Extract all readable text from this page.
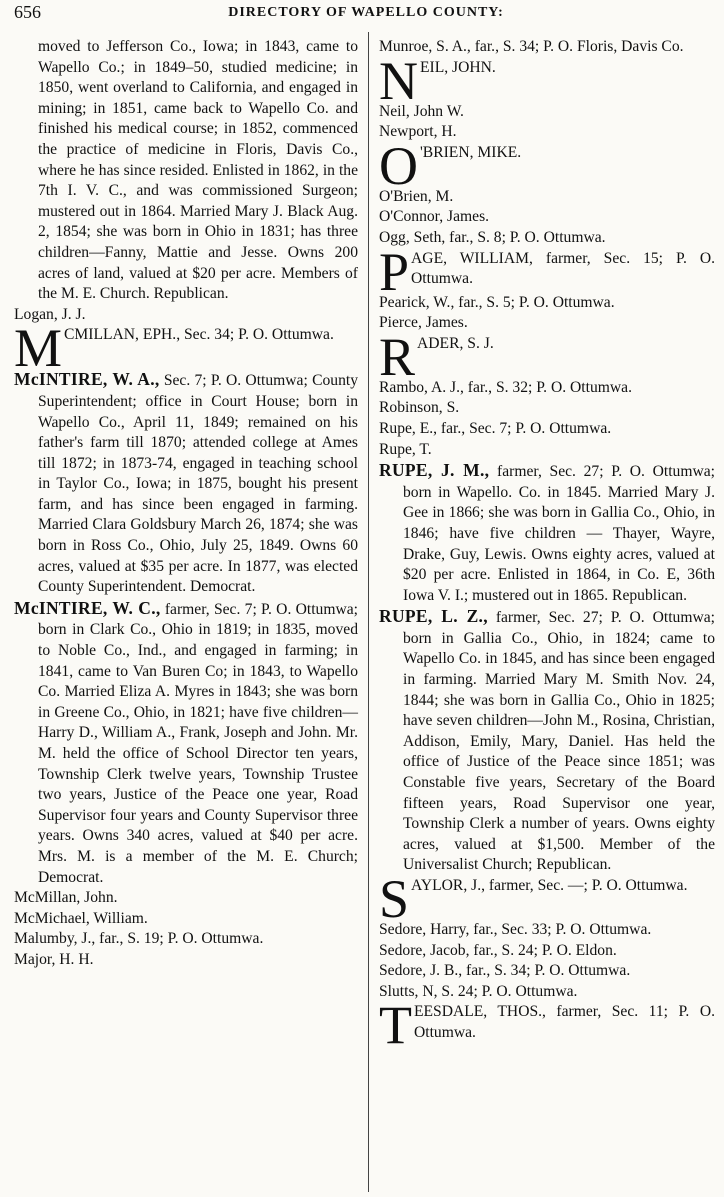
656	DIRECTORY OF WAPELLO COUNTY:

moved to Jefferson Co., Iowa; in 1843, came to Wapello Co.; in 1849–50, studied medicine; in 1850, went overland to California, and engaged in mining; in 1851, came back to Wapello Co. and finished his medical course; in 1852, commenced the practice of medicine in Floris, Davis Co., where he has since resided. Enlisted in 1862, in the 7th I. V. C., and was commissioned Surgeon; mustered out in 1864. Married Mary J. Black Aug. 2, 1854; she was born in Ohio in 1831; has three children—Fanny, Mattie and Jesse. Owns 200 acres of land, valued at $20 per acre. Members of the M. E. Church. Republican.

Logan, J. J.

M CMILLAN, EPH., Sec. 34; P. O. Ottumwa.

McINTIRE, W. A., Sec. 7; P. O. Ottumwa; County Superintendent; office in Court House; born in Wapello Co., April 11, 1849; remained on his father's farm till 1870; attended college at Ames till 1872; in 1873-74, engaged in teaching school in Taylor Co., Iowa; in 1875, bought his present farm, and has since been engaged in farming. Married Clara Goldsbury March 26, 1874; she was born in Ross Co., Ohio, July 25, 1849. Owns 60 acres, valued at $35 per acre. In 1877, was elected County Superintendent. Democrat.

McINTIRE, W. C., farmer, Sec. 7; P. O. Ottumwa; born in Clark Co., Ohio in 1819; in 1835, moved to Noble Co., Ind., and engaged in farming; in 1841, came to Van Buren Co; in 1843, to Wapello Co. Married Eliza A. Myres in 1843; she was born in Greene Co., Ohio, in 1821; have five children—Harry D., William A., Frank, Joseph and John. Mr. M. held the office of School Director ten years, Township Clerk twelve years, Township Trustee two years, Justice of the Peace one year, Road Supervisor four years and County Supervisor three years. Owns 340 acres, valued at $40 per acre. Mrs. M. is a member of the M. E. Church; Democrat.

McMillan, John.

McMichael, William.

Malumby, J., far., S. 19; P. O. Ottumwa.

Major, H. H.

Munroe, S. A., far., S. 34; P. O. Floris, Davis Co.

N EIL, JOHN.

Neil, John W.

Newport, H.

O 'BRIEN, MIKE.

O'Brien, M.

O'Connor, James.

Ogg, Seth, far., S. 8; P. O. Ottumwa.

P AGE, WILLIAM, farmer, Sec. 15; P. O. Ottumwa.

Pearick, W., far., S. 5; P. O. Ottumwa.

Pierce, James.

R ADER, S. J.

Rambo, A. J., far., S. 32; P. O. Ottumwa.

Robinson, S.

Rupe, E., far., Sec. 7; P. O. Ottumwa.

Rupe, T.

RUPE, J. M., farmer, Sec. 27; P. O. Ottumwa; born in Wapello. Co. in 1845. Married Mary J. Gee in 1866; she was born in Gallia Co., Ohio, in 1846; have five children — Thayer, Wayre, Drake, Guy, Lewis. Owns eighty acres, valued at $20 per acre. Enlisted in 1864, in Co. E, 36th Iowa V. I.; mustered out in 1865. Republican.

RUPE, L. Z., farmer, Sec. 27; P. O. Ottumwa; born in Gallia Co., Ohio, in 1824; came to Wapello Co. in 1845, and has since been engaged in farming. Married Mary M. Smith Nov. 24, 1844; she was born in Gallia Co., Ohio in 1825; have seven children—John M., Rosina, Christian, Addison, Emily, Mary, Daniel. Has held the office of Justice of the Peace since 1851; was Constable five years, Secretary of the Board fifteen years, Road Supervisor one year, Township Clerk a number of years. Owns eighty acres, valued at $1,500. Member of the Universalist Church; Republican.

S AYLOR, J., farmer, Sec. —; P. O. Ottumwa.

Sedore, Harry, far., Sec. 33; P. O. Ottumwa.

Sedore, Jacob, far., S. 24; P. O. Eldon.

Sedore, J. B., far., S. 34; P. O. Ottumwa.

Slutts, N, S. 24; P. O. Ottumwa.

T EESDALE, THOS., farmer, Sec. 11; P. O. Ottumwa.
